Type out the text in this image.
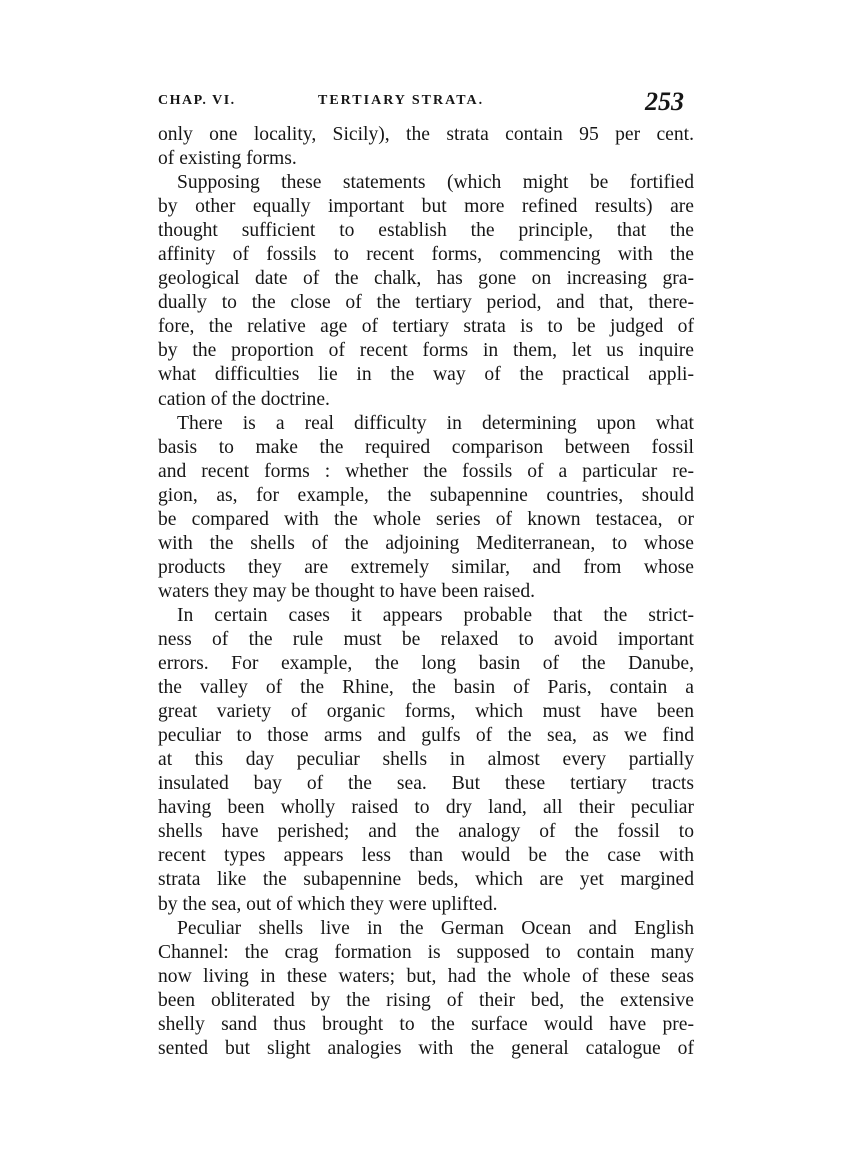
CHAP. VI.	TERTIARY STRATA.	253
only one locality, Sicily), the strata contain 95 per cent.
of existing forms.
Supposing these statements (which might be fortified
by other equally important but more refined results) are
thought sufficient to establish the principle, that the
affinity of fossils to recent forms, commencing with the
geological date of the chalk, has gone on increasing gra-
dually to the close of the tertiary period, and that, there-
fore, the relative age of tertiary strata is to be judged of
by the proportion of recent forms in them, let us inquire
what difficulties lie in the way of the practical appli-
cation of the doctrine.
There is a real difficulty in determining upon what
basis to make the required comparison between fossil
and recent forms : whether the fossils of a particular re-
gion, as, for example, the subapennine countries, should
be compared with the whole series of known testacea, or
with the shells of the adjoining Mediterranean, to whose
products they are extremely similar, and from whose
waters they may be thought to have been raised.
In certain cases it appears probable that the strict-
ness of the rule must be relaxed to avoid important
errors. For example, the long basin of the Danube,
the valley of the Rhine, the basin of Paris, contain a
great variety of organic forms, which must have been
peculiar to those arms and gulfs of the sea, as we find
at this day peculiar shells in almost every partially
insulated bay of the sea. But these tertiary tracts
having been wholly raised to dry land, all their peculiar
shells have perished; and the analogy of the fossil to
recent types appears less than would be the case with
strata like the subapennine beds, which are yet margined
by the sea, out of which they were uplifted.
Peculiar shells live in the German Ocean and English
Channel: the crag formation is supposed to contain many
now living in these waters; but, had the whole of these seas
been obliterated by the rising of their bed, the extensive
shelly sand thus brought to the surface would have pre-
sented but slight analogies with the general catalogue of
